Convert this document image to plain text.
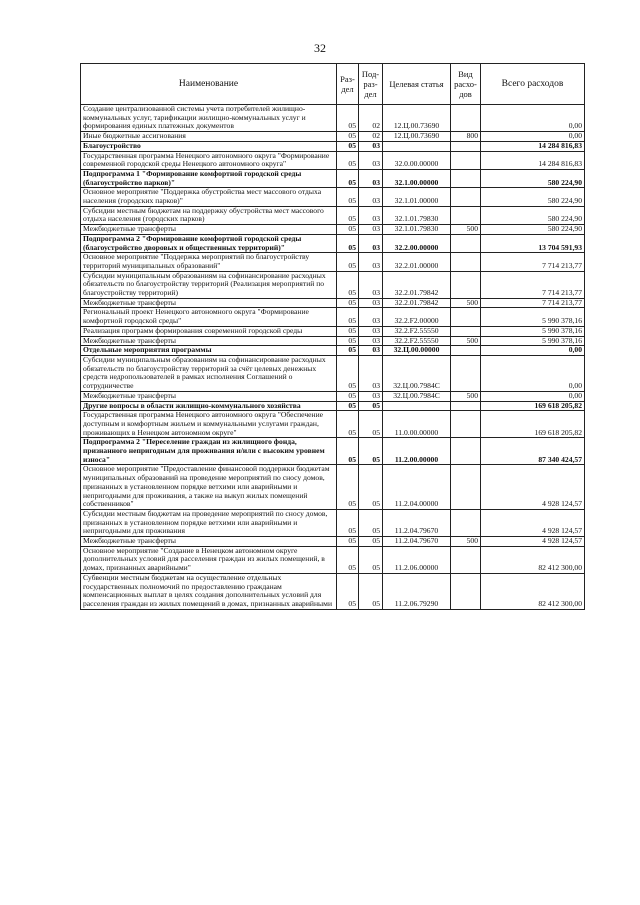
32
Наименование	Раз-дел	Под-раз-дел	Целевая статья	Вид расхо-дов	Всего расходов
Создание централизованной системы учета потребителей жилищно-коммунальных услуг, тарификации жилищно-коммунальных услуг и формирования единых платежных документов	05	02	12.Ц.00.73690		0,00
Иные бюджетные ассигнования	05	02	12.Ц.00.73690	800	0,00
Благоустройство	05	03			14 284 816,83
Государственная программа Ненецкого автономного округа "Формирование современной городской среды Ненецкого автономного округа"	05	03	32.0.00.00000		14 284 816,83
Подпрограмма 1 "Формирование комфортной городской среды (благоустройство парков)"	05	03	32.1.00.00000		580 224,90
Основное мероприятие "Поддержка обустройства мест массового отдыха населения (городских парков)"	05	03	32.1.01.00000		580 224,90
Субсидии местным бюджетам на поддержку обустройства мест массового отдыха населения (городских парков)	05	03	32.1.01.79830		580 224,90
Межбюджетные трансферты	05	03	32.1.01.79830	500	580 224,90
Подпрограмма 2 "Формирование комфортной городской среды (благоустройство дворовых и общественных территорий)"	05	03	32.2.00.00000		13 704 591,93
Основное мероприятие "Поддержка мероприятий по благоустройству территорий муниципальных образований"	05	03	32.2.01.00000		7 714 213,77
Субсидии муниципальным образованиям на софинансирование расходных обязательств по благоустройству территорий (Реализация мероприятий по благоустройству территорий)	05	03	32.2.01.79842		7 714 213,77
Межбюджетные трансферты	05	03	32.2.01.79842	500	7 714 213,77
Региональный проект Ненецкого автономного округа "Формирование комфортной городской среды"	05	03	32.2.F2.00000		5 990 378,16
Реализация программ формирования современной городской среды	05	03	32.2.F2.55550		5 990 378,16
Межбюджетные трансферты	05	03	32.2.F2.55550	500	5 990 378,16
Отдельные мероприятия программы	05	03	32.Ц.00.00000		0,00
Субсидии муниципальным образованиям на софинансирование расходных обязательств по благоустройству территорий за счёт целевых денежных средств недропользователей в рамках исполнения Соглашений о сотрудничестве	05	03	32.Ц.00.7984С		0,00
Межбюджетные трансферты	05	03	32.Ц.00.7984С	500	0,00
Другие вопросы в области жилищно-коммунального хозяйства	05	05			169 618 205,82
Государственная программа Ненецкого автономного округа "Обеспечение доступным и комфортным жильем и коммунальными услугами граждан, проживающих в Ненецком автономном округе"	05	05	11.0.00.00000		169 618 205,82
Подпрограмма 2 "Переселение граждан из жилищного фонда, признанного непригодным для проживания и/или с высоким уровнем износа"	05	05	11.2.00.00000		87 340 424,57
Основное мероприятие "Предоставление финансовой поддержки бюджетам муниципальных образований на проведение мероприятий по сносу домов, признанных в установленном порядке ветхими или аварийными и непригодными для проживания, а также на выкуп жилых помещений собственников"	05	05	11.2.04.00000		4 928 124,57
Субсидии местным бюджетам на проведение мероприятий по сносу домов, признанных в установленном порядке ветхими или аварийными и непригодными для проживания	05	05	11.2.04.79670		4 928 124,57
Межбюджетные трансферты	05	05	11.2.04.79670	500	4 928 124,57
Основное мероприятие "Создание в Ненецком автономном округе дополнительных условий для расселения граждан из жилых помещений, в домах, признанных аварийными"	05	05	11.2.06.00000		82 412 300,00
Субвенции местным бюджетам на осуществление отдельных государственных полномочий по предоставлению гражданам компенсационных выплат в целях создания дополнительных условий для расселения граждан из жилых помещений в домах, признанных аварийными	05	05	11.2.06.79290		82 412 300,00
